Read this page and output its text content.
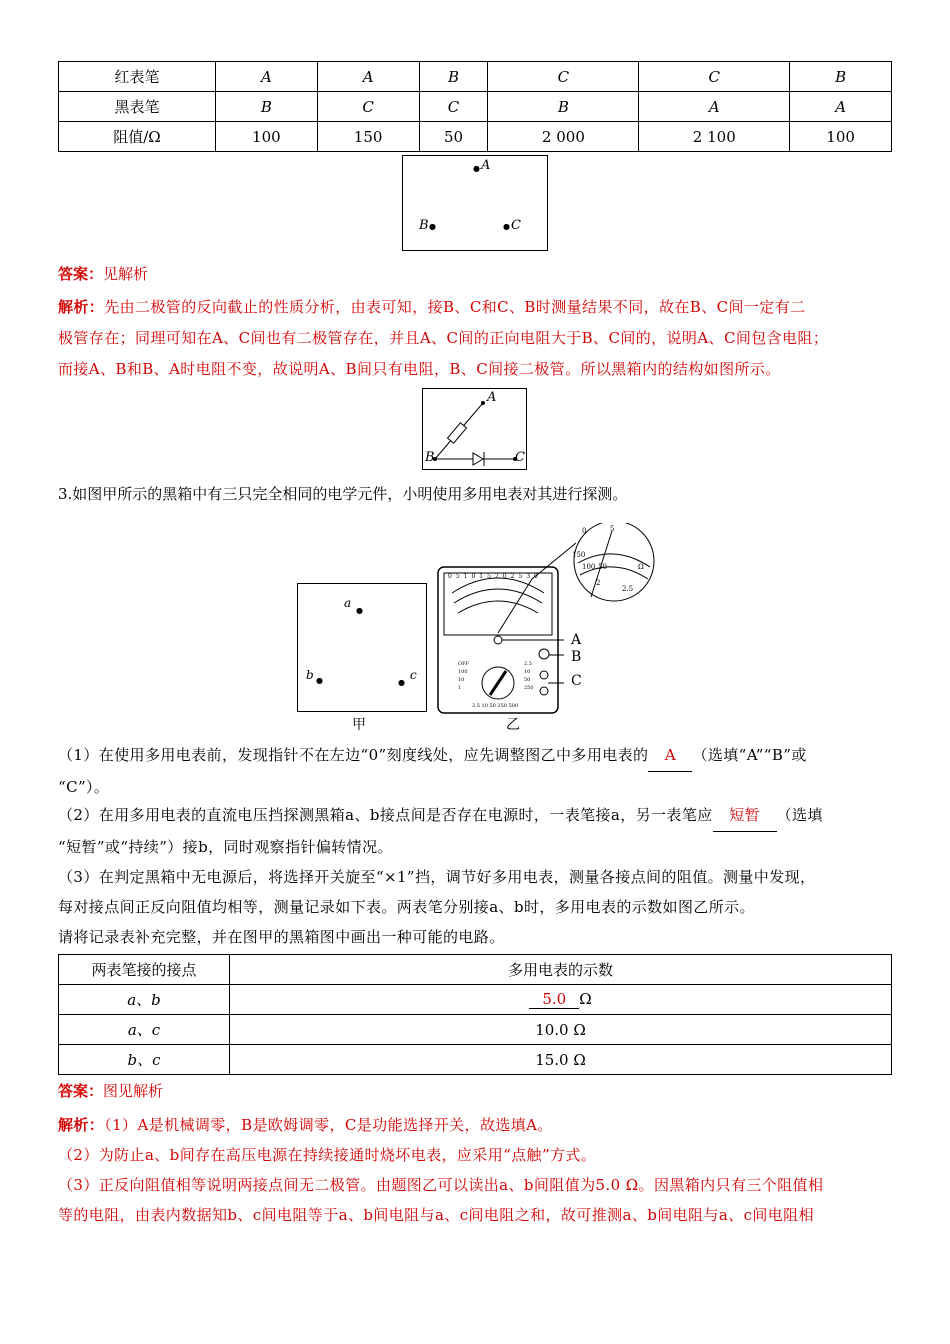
红表笔	A	A	B	C	C	B
黑表笔	B	C	C	B	A	A
阻值/Ω	100	150	50	2 000	2 100	100
● A
B ●	● C
答案：见解析
解析：先由二极管的反向截止的性质分析，由表可知，接B、C和C、B时测量结果不同，故在B、C间一定有二
极管存在；同理可知在A、C间也有二极管存在，并且A、C间的正向电阻大于B、C间的，说明A、C间包含电阻；
而接A、B和B、A时电阻不变，故说明A、B间只有电阻，B、C间接二极管。所以黑箱内的结构如图所示。
A
B	C
3.如图甲所示的黑箱中有三只完全相同的电学元件，小明使用多用电表对其进行探测。
a
●
b ●	●
c
甲
051015202530
OFF
100
10
1
2.5
10
50
250
2.5 10 50 250 500
0	5
150
100 50
2
2.5
Ω
A
B
C
乙
（1）在使用多用电表前，发现指针不在左边“0”刻度线处，应先调整图乙中多用电表的 A （选填“A”“B”或
“C”）。
（2）在用多用电表的直流电压挡探测黑箱a、b接点间是否存在电源时，一表笔接a，另一表笔应 短暂 （选填
“短暂”或“持续”）接b，同时观察指针偏转情况。
（3）在判定黑箱中无电源后，将选择开关旋至“×1”挡，调节好多用电表，测量各接点间的阻值。测量中发现，
每对接点间正反向阻值均相等，测量记录如下表。两表笔分别接a、b时，多用电表的示数如图乙所示。
请将记录表补充完整，并在图甲的黑箱图中画出一种可能的电路。
两表笔接的接点	多用电表的示数
a、b	5.0 Ω
a、c	10.0 Ω
b、c	15.0 Ω
答案：图见解析
解析：（1）A是机械调零，B是欧姆调零，C是功能选择开关，故选填A。
（2）为防止a、b间存在高压电源在持续接通时烧坏电表，应采用“点触”方式。
（3）正反向阻值相等说明两接点间无二极管。由题图乙可以读出a、b间阻值为5.0 Ω。因黑箱内只有三个阻值相
等的电阻，由表内数据知b、c间电阻等于a、b间电阻与a、c间电阻之和，故可推测a、b间电阻与a、c间电阻相
